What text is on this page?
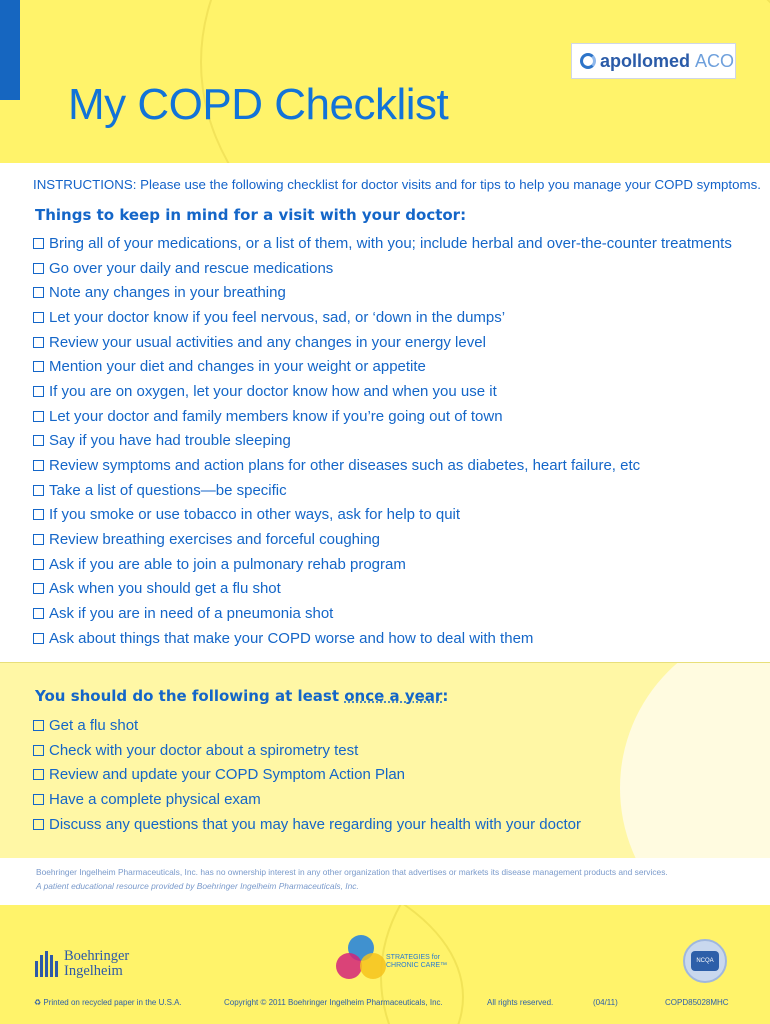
apollomed ACO
My COPD Checklist
INSTRUCTIONS: Please use the following checklist for doctor visits and for tips to help you manage your COPD symptoms.
Things to keep in mind for a visit with your doctor:
Bring all of your medications, or a list of them, with you; include herbal and over-the-counter treatments
Go over your daily and rescue medications
Note any changes in your breathing
Let your doctor know if you feel nervous, sad, or ‘down in the dumps’
Review your usual activities and any changes in your energy level
Mention your diet and changes in your weight or appetite
If you are on oxygen, let your doctor know how and when you use it
Let your doctor and family members know if you’re going out of town
Say if you have had trouble sleeping
Review symptoms and action plans for other diseases such as diabetes, heart failure, etc
Take a list of questions—be specific
If you smoke or use tobacco in other ways, ask for help to quit
Review breathing exercises and forceful coughing
Ask if you are able to join a pulmonary rehab program
Ask when you should get a flu shot
Ask if you are in need of a pneumonia shot
Ask about things that make your COPD worse and how to deal with them
You should do the following at least once a year:
Get a flu shot
Check with your doctor about a spirometry test
Review and update your COPD Symptom Action Plan
Have a complete physical exam
Discuss any questions that you may have regarding your health with your doctor
Boehringer Ingelheim Pharmaceuticals, Inc. has no ownership interest in any other organization that advertises or markets its disease management products and services.
A patient educational resource provided by Boehringer Ingelheim Pharmaceuticals, Inc.
Boehringer
Ingelheim
STRATEGIES for
CHRONIC CARE™
NCQA
♻ Printed on recycled paper in the U.S.A.	Copyright © 2011 Boehringer Ingelheim Pharmaceuticals, Inc.	All rights reserved.	(04/11)	COPD85028MHC
